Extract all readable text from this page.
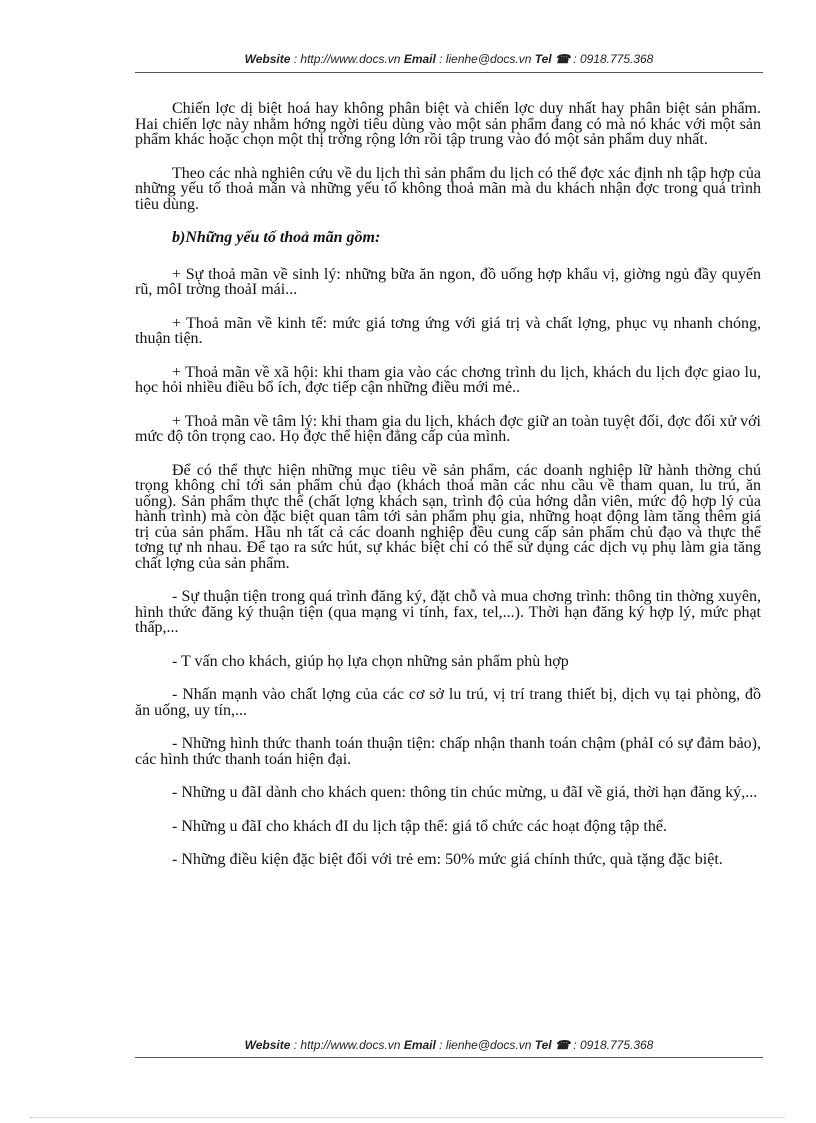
Website : http://www.docs.vn Email : lienhe@docs.vn Tel ☎ : 0918.775.368

Chiến lợc dị biệt hoá hay không phân biệt và chiến lợc duy nhất hay phân biệt sản phẩm. Hai chiến lợc này nhằm hớng ngời tiêu dùng vào một sản phẩm đang có mà nó khác với một sản phẩm khác hoặc chọn một thị trờng rộng lớn rồi tập trung vào đó một sản phẩm duy nhất.

Theo các nhà nghiên cứu về du lịch thì sản phẩm du lịch có thể đợc xác định nh tập hợp của những yếu tố thoả mãn và những yếu tố không thoả mãn mà du khách nhận đợc trong quá trình tiêu dùng.

b)Những yếu tố thoả mãn gồm:

+ Sự thoả mãn về sinh lý: những bữa ăn ngon, đồ uống hợp khẩu vị, giờng ngủ đầy quyến rũ, môI trờng thoảI mái...

+ Thoả mãn về kinh tế: mức giá tơng ứng với giá trị và chất lợng, phục vụ nhanh chóng, thuận tiện.

+ Thoả mãn về xã hội: khi tham gia vào các chơng trình du lịch, khách du lịch đợc giao lu, học hỏi nhiều điều bổ ích, đợc tiếp cận những điều mới mẻ..

+ Thoả mãn về tâm lý: khi tham gia du lịch, khách đợc giữ an toàn tuyệt đối, đợc đối xử với mức độ tôn trọng cao. Họ đợc thể hiện đẳng cấp của mình.

Để có thể thực hiện những mục tiêu về sản phẩm, các doanh nghiệp lữ hành thờng chú trọng không chỉ tới sản phẩm chủ đạo (khách thoả mãn các nhu cầu về tham quan, lu trú, ăn uống). Sản phẩm thực thể (chất lợng khách sạn, trình độ của hớng dẫn viên, mức độ hợp lý của hành trình) mà còn đặc biệt quan tâm tới sản phẩm phụ gia, những hoạt động làm tăng thêm giá trị của sản phẩm. Hầu nh tất cả các doanh nghiệp đều cung cấp sản phẩm chủ đạo và thực thể tơng tự nh nhau. Để tạo ra sức hút, sự khác biệt chỉ có thể sử dụng các dịch vụ phụ làm gia tăng chất lợng của sản phẩm.

- Sự thuận tiện trong quá trình đăng ký, đặt chỗ và mua chơng trình: thông tin thờng xuyên, hình thức đăng ký thuận tiện (qua mạng vi tính, fax, tel,...). Thời hạn đăng ký hợp lý, mức phạt thấp,...

- T vấn cho khách, giúp họ lựa chọn những sản phẩm phù hợp

- Nhấn mạnh vào chất lợng của các cơ sở lu trú, vị trí trang thiết bị, dịch vụ tại phòng, đồ ăn uống, uy tín,...

- Những hình thức thanh toán thuận tiện: chấp nhận thanh toán chậm (phảI có sự đảm bảo), các hình thức thanh toán hiện đại.

- Những u đãI dành cho khách quen: thông tin chúc mừng, u đãI về giá, thời hạn đăng ký,...

- Những u đãI cho khách đI du lịch tập thể: giá tổ chức các hoạt động tập thể.

- Những điều kiện đặc biệt đối với trẻ em: 50% mức giá chính thức, quà tặng đặc biệt.

Website : http://www.docs.vn Email : lienhe@docs.vn Tel ☎ : 0918.775.368
